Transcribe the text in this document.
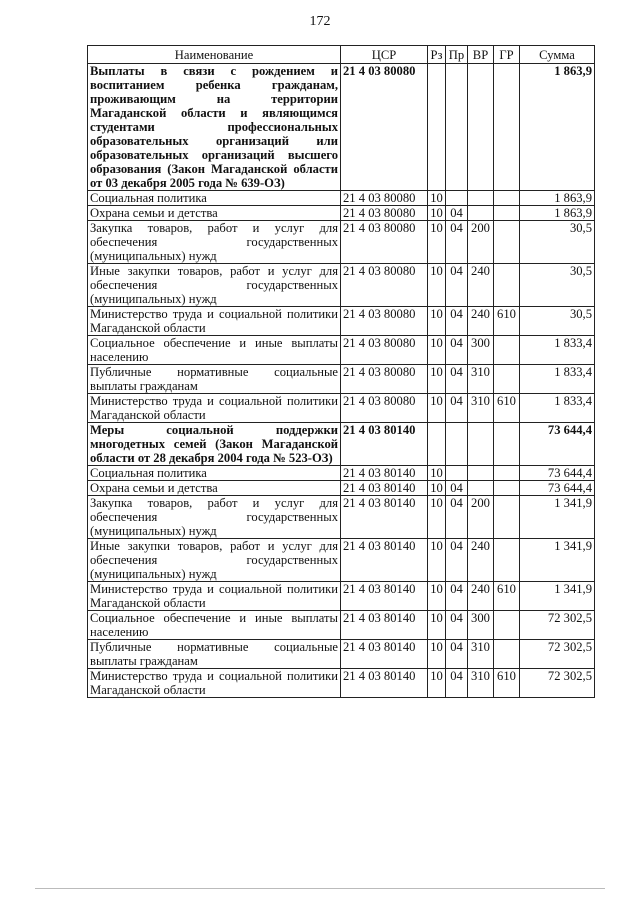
172
Наименование	ЦСР	Рз	Пр	ВР	ГР	Сумма
Выплаты в связи с рождением и воспитанием ребенка гражданам, проживающим на территории Магаданской области и являющимся студентами профессиональных образовательных организаций или образовательных организаций высшего образования (Закон Магаданской области от 03 декабря 2005 года № 639-ОЗ)	21 4 03 80080					1 863,9
Социальная политика	21 4 03 80080	10				1 863,9
Охрана семьи и детства	21 4 03 80080	10	04			1 863,9
Закупка товаров, работ и услуг для обеспечения государственных (муниципальных) нужд	21 4 03 80080	10	04	200		30,5
Иные закупки товаров, работ и услуг для обеспечения государственных (муниципальных) нужд	21 4 03 80080	10	04	240		30,5
Министерство труда и социальной политики Магаданской области	21 4 03 80080	10	04	240	610	30,5
Социальное обеспечение и иные выплаты населению	21 4 03 80080	10	04	300		1 833,4
Публичные нормативные социальные выплаты гражданам	21 4 03 80080	10	04	310		1 833,4
Министерство труда и социальной политики Магаданской области	21 4 03 80080	10	04	310	610	1 833,4
Меры социальной поддержки многодетных семей (Закон Магаданской области от 28 декабря 2004 года № 523-ОЗ)	21 4 03 80140					73 644,4
Социальная политика	21 4 03 80140	10				73 644,4
Охрана семьи и детства	21 4 03 80140	10	04			73 644,4
Закупка товаров, работ и услуг для обеспечения государственных (муниципальных) нужд	21 4 03 80140	10	04	200		1 341,9
Иные закупки товаров, работ и услуг для обеспечения государственных (муниципальных) нужд	21 4 03 80140	10	04	240		1 341,9
Министерство труда и социальной политики Магаданской области	21 4 03 80140	10	04	240	610	1 341,9
Социальное обеспечение и иные выплаты населению	21 4 03 80140	10	04	300		72 302,5
Публичные нормативные социальные выплаты гражданам	21 4 03 80140	10	04	310		72 302,5
Министерство труда и социальной политики Магаданской области	21 4 03 80140	10	04	310	610	72 302,5
